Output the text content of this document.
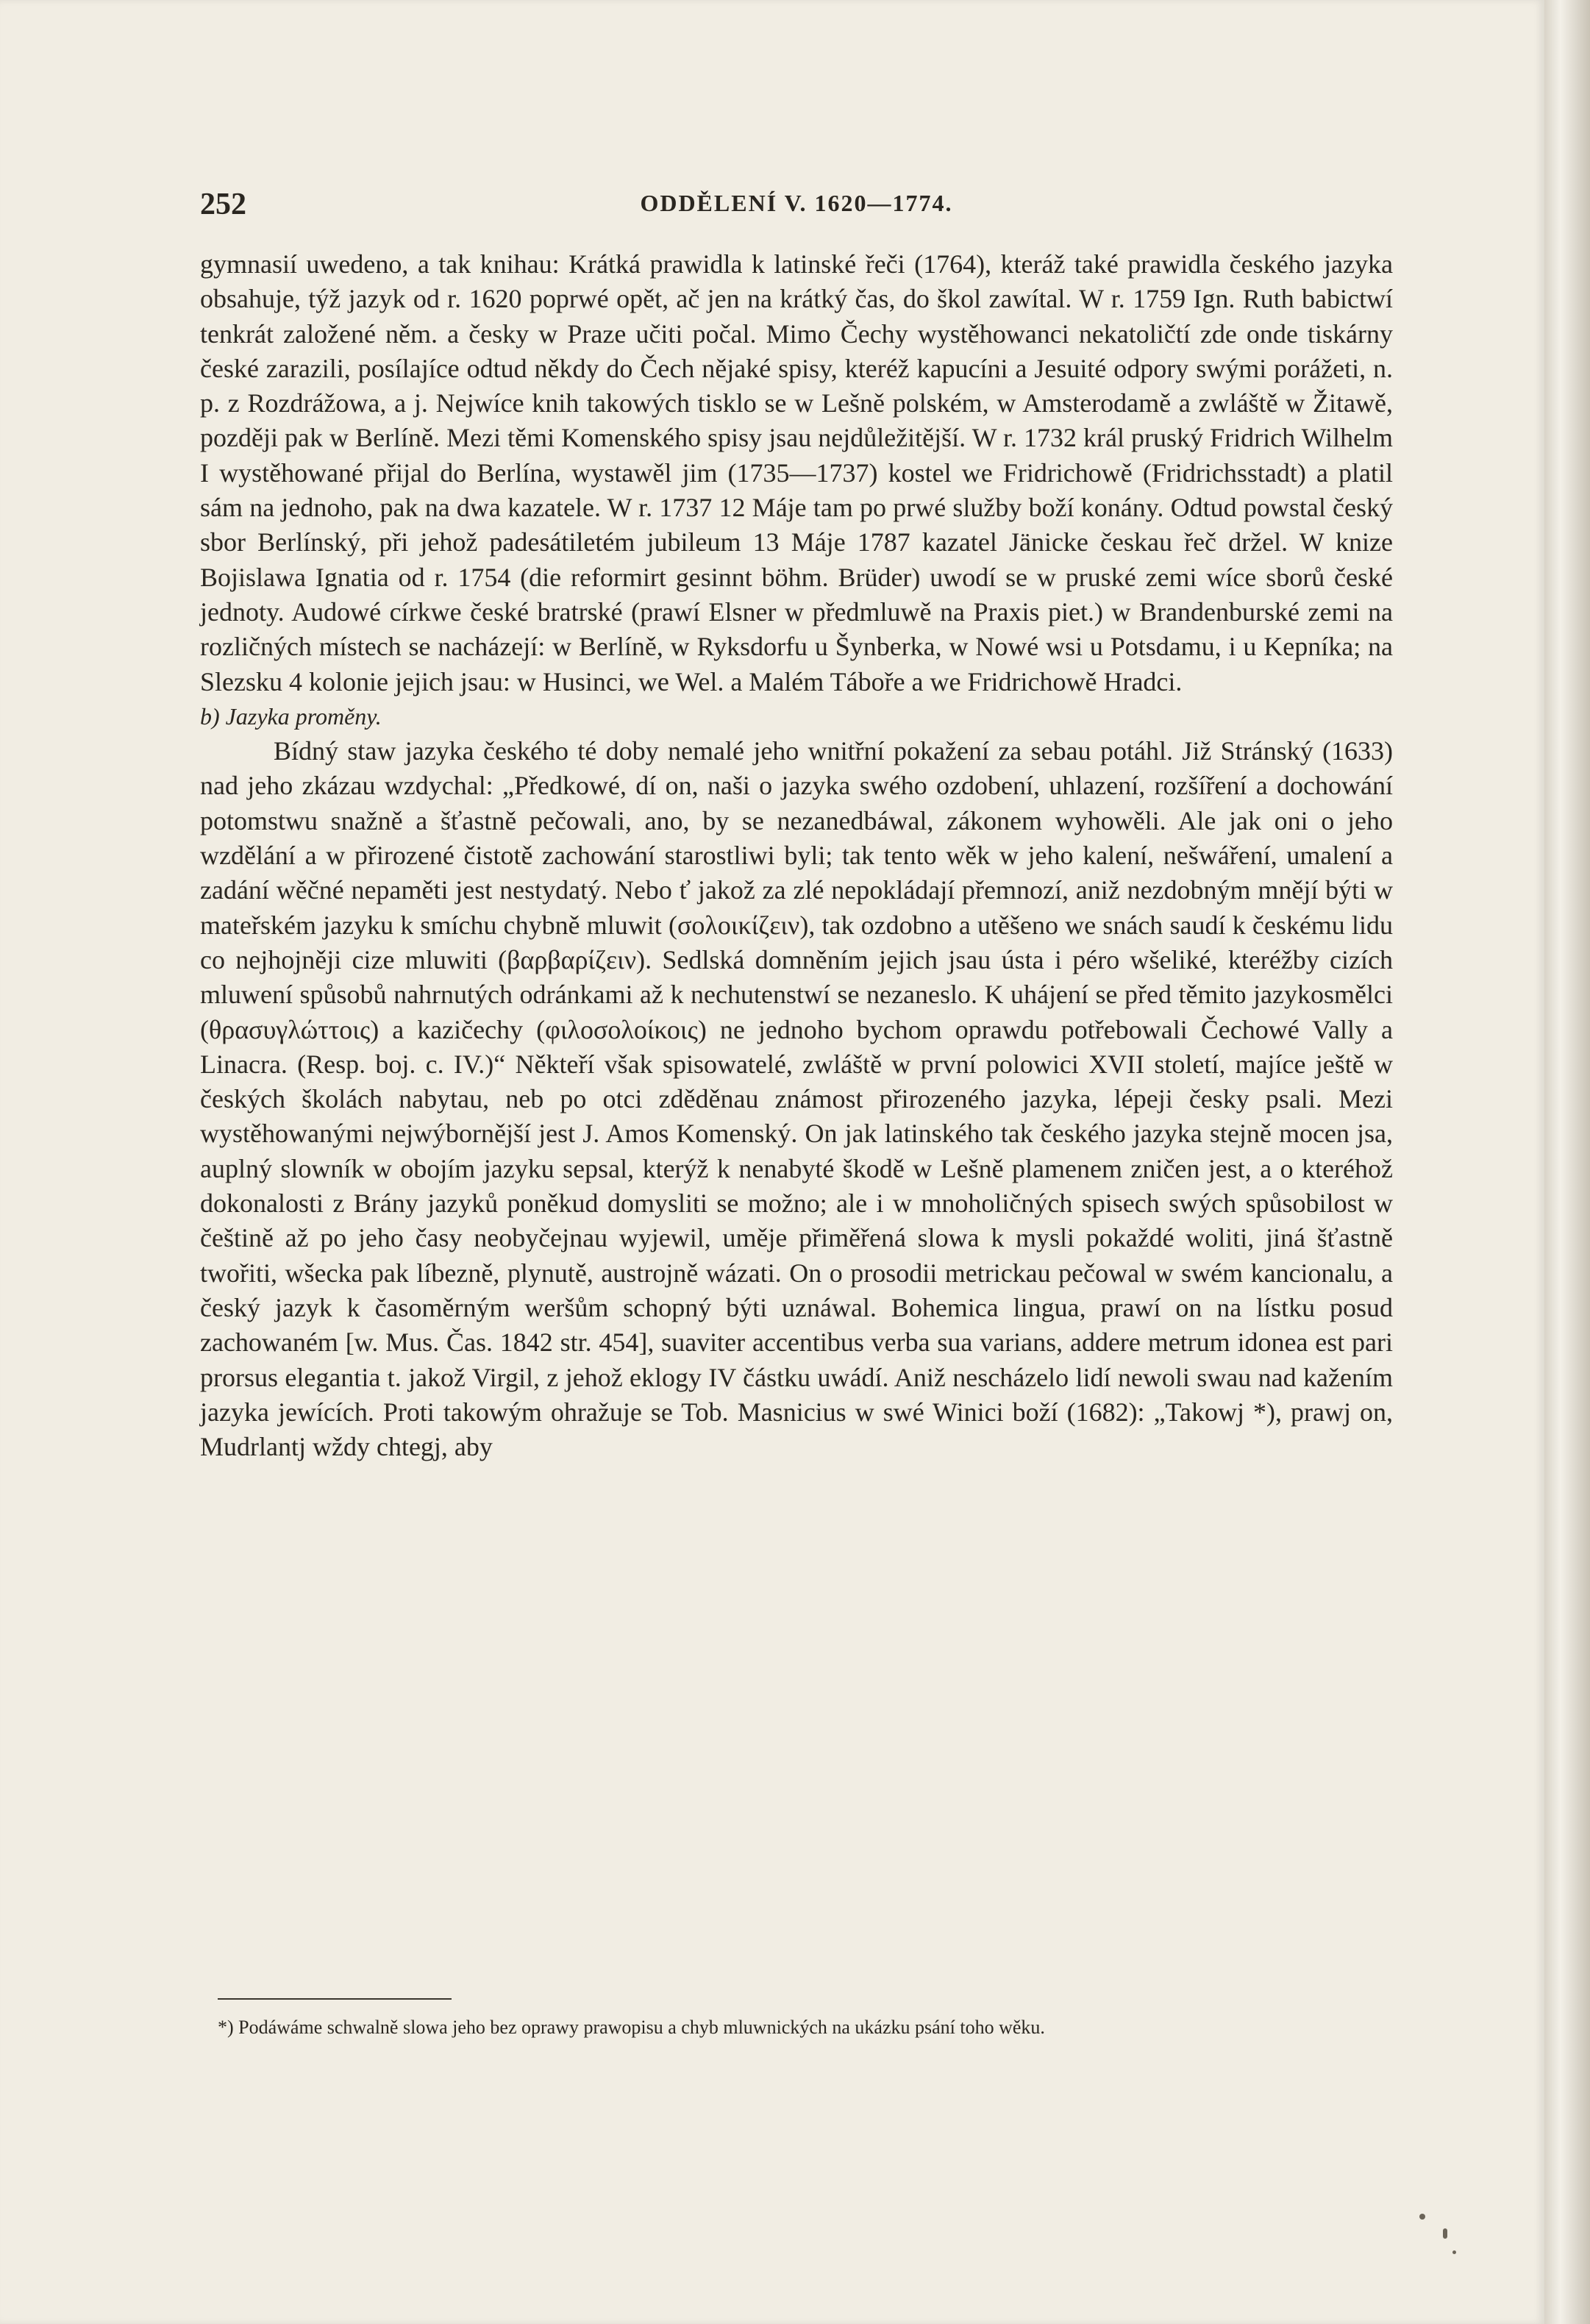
252	ODDĚLENÍ V. 1620—1774.

gymnasií uwedeno, a tak knihau: Krátká prawidla k latinské řeči (1764), kteráž také prawidla českého jazyka obsahuje, týž jazyk od r. 1620 poprwé opět, ač jen na krátký čas, do škol zawítal. W r. 1759 Ign. Ruth babictwí tenkrát založené něm. a česky w Praze učiti počal. Mimo Čechy wystěhowanci nekatoličtí zde onde tiskárny české zarazili, posílajíce odtud někdy do Čech nějaké spisy, kteréž kapucíni a Jesuité odpory swými porážeti, n. p. z Rozdrážowa, a j. Nejwíce knih takowých tisklo se w Lešně polském, w Amsterodamě a zwláště w Žitawě, později pak w Berlíně. Mezi těmi Komenského spisy jsau nejdůležitější. W r. 1732 král pruský Fridrich Wilhelm I wystěhowané přijal do Berlína, wystawěl jim (1735—1737) kostel we Fridrichowě (Fridrichsstadt) a platil sám na jednoho, pak na dwa kazatele. W r. 1737 12 Máje tam po prwé služby boží konány. Odtud powstal český sbor Berlínský, při jehož padesátiletém jubileum 13 Máje 1787 kazatel Jänicke českau řeč držel. W knize Bojislawa Ignatia od r. 1754 (die reformirt gesinnt böhm. Brüder) uwodí se w pruské zemi wíce sborů české jednoty. Audowé církwe české bratrské (prawí Elsner w předmluwě na Praxis piet.) w Brandenburské zemi na rozličných místech se nacházejí: w Berlíně, w Ryksdorfu u Šynberka, w Nowé wsi u Potsdamu, i u Kepníka; na Slezsku 4 kolonie jejich jsau: w Husinci, we Wel. a Malém Táboře a we Fridrichowě Hradci.

b) Jazyka proměny.

Bídný staw jazyka českého té doby nemalé jeho wnitřní pokažení za sebau potáhl. Již Stránský (1633) nad jeho zkázau wzdychal: „Předkowé, dí on, naši o jazyka swého ozdobení, uhlazení, rozšíření a dochowání potomstwu snažně a šťastně pečowali, ano, by se nezanedbáwal, zákonem wyhowěli. Ale jak oni o jeho wzdělání a w přirozené čistotě zachowání starostliwi byli; tak tento wěk w jeho kalení, nešwáření, umalení a zadání wěčné nepaměti jest nestydatý. Nebo ť jakož za zlé nepokládají přemnozí, aniž nezdobným mnějí býti w mateřském jazyku k smíchu chybně mluwit (σολοικίζειν), tak ozdobno a utěšeno we snách saudí k českému lidu co nejhojněji cize mluwiti (βαρβαρίζειν). Sedlská domněním jejich jsau ústa i péro wšeliké, kteréžby cizích mluwení spůsobů nahrnutých odránkami až k nechutenstwí se nezaneslo. K uhájení se před těmito jazykosmělci (θρασυγλώττοις) a kazičechy (φιλοσολοίκοις) ne jednoho bychom oprawdu potřebowali Čechowé Vally a Linacra. (Resp. boj. c. IV.)“ Někteří však spisowatelé, zwláště w první polowici XVII století, majíce ještě w českých školách nabytau, neb po otci zděděnau známost přirozeného jazyka, lépeji česky psali. Mezi wystěhowanými nejwýbornější jest J. Amos Komenský. On jak latinského tak českého jazyka stejně mocen jsa, auplný slowník w obojím jazyku sepsal, kterýž k nenabyté škodě w Lešně plamenem zničen jest, a o kteréhož dokonalosti z Brány jazyků poněkud domysliti se možno; ale i w mnoholičných spisech swých spůsobilost w češtině až po jeho časy neobyčejnau wyjewil, uměje přiměřená slowa k mysli pokaždé woliti, jiná šťastně twořiti, wšecka pak líbezně, plynutě, austrojně wázati. On o prosodii metrickau pečowal w swém kancionalu, a český jazyk k časoměrným weršům schopný býti uznáwal. Bohemica lingua, prawí on na lístku posud zachowaném [w. Mus. Čas. 1842 str. 454], suaviter accentibus verba sua varians, addere metrum idonea est pari prorsus elegantia t. jakož Virgil, z jehož eklogy IV částku uwádí. Aniž nescházelo lidí newoli swau nad kažením jazyka jewících. Proti takowým ohražuje se Tob. Masnicius w swé Winici boží (1682): „Takowj *), prawj on, Mudrlantj wždy chtegj, aby

*) Podáwáme schwalně slowa jeho bez oprawy prawopisu a chyb mluwnických na ukázku psání toho wěku.
